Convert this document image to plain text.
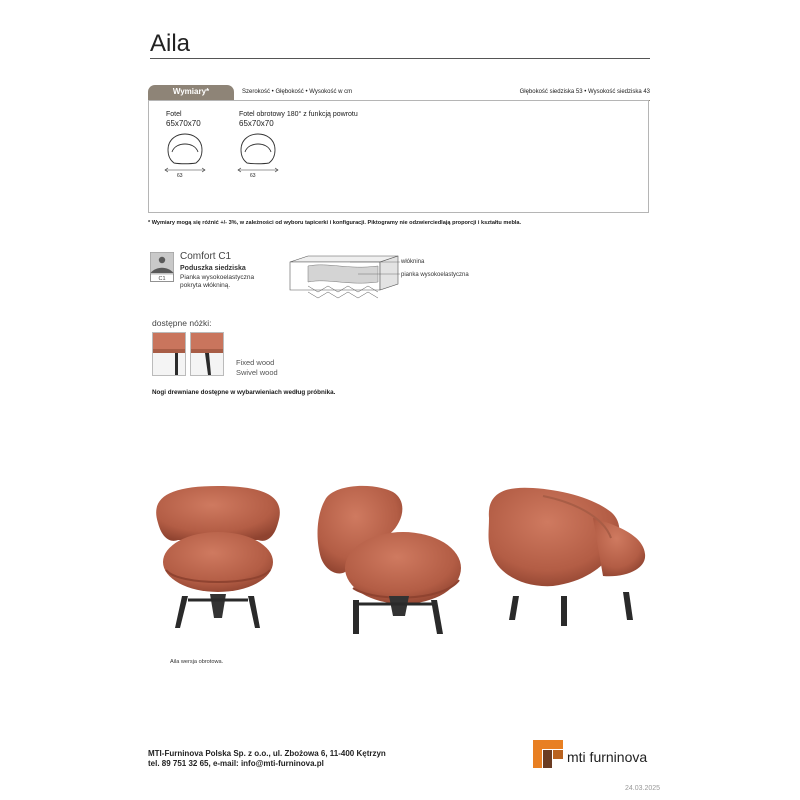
Aila
Wymiary*	Szerokość • Głębokość • Wysokość w cm	Głębokość siedziska 53 • Wysokość siedziska 43
Fotel
65x70x70
63
Fotel obrotowy 180° z funkcją powrotu
65x70x70
63
* Wymiary mogą się różnić +/- 3%, w zależności od wyboru tapicerki i konfiguracji. Piktogramy nie odzwierciedlają proporcji i kształtu mebla.
C1
Comfort C1
Poduszka siedziska
Pianka wysokoelastyczna pokryta włókniną.
włóknina
pianka wysokoelastyczna
dostępne nóżki:
Fixed wood
Swivel wood
Nogi drewniane dostępne w wybarwieniach według próbnika.
Aila wersja obrotowa.
MTI-Furninova Polska Sp. z o.o., ul. Zbożowa 6, 11-400 Kętrzyn
tel. 89 751 32 65, e-mail: info@mti-furninova.pl	mti furninova
24.03.2025
